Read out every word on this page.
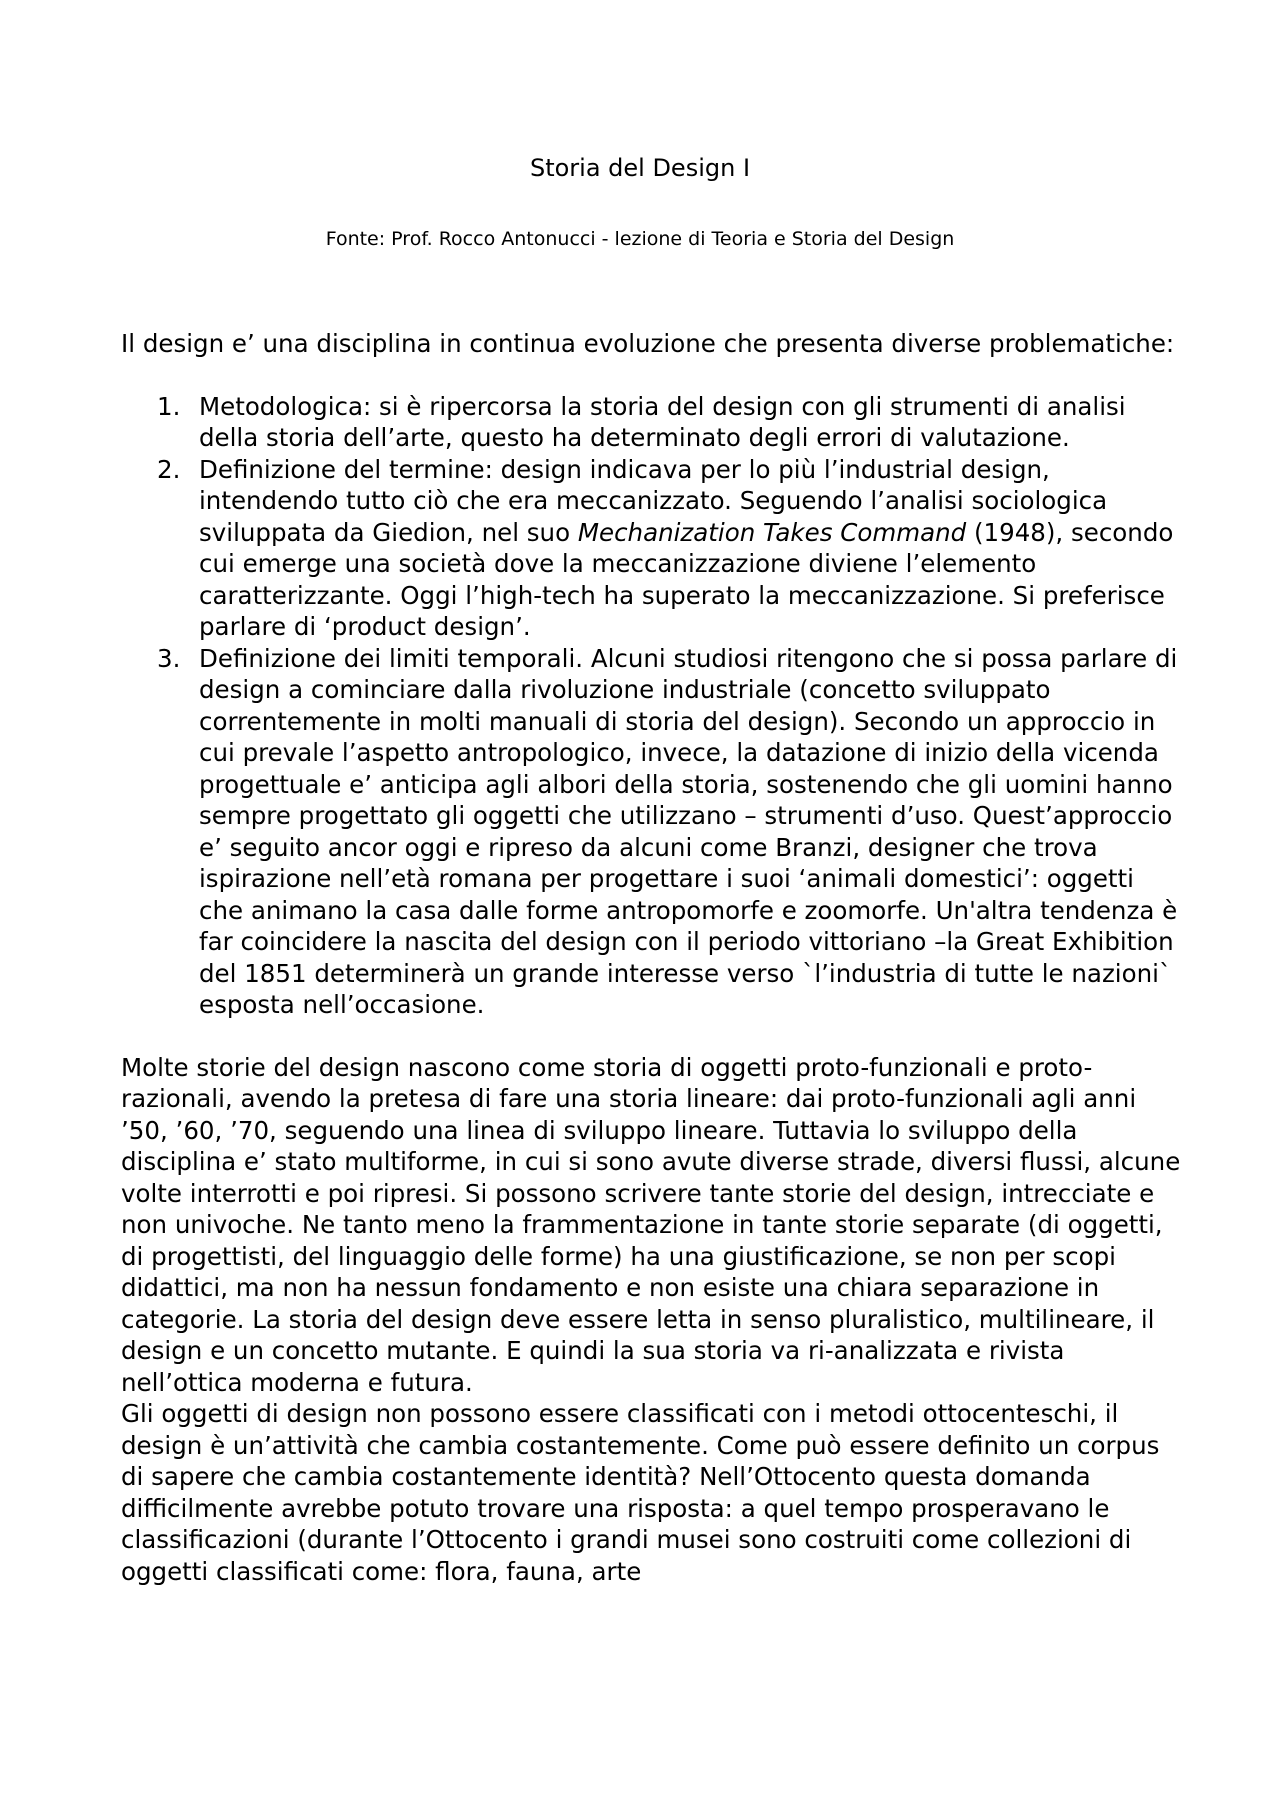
Storia del Design I
Fonte: Prof. Rocco Antonucci - lezione di Teoria e Storia del Design

Il design e’ una disciplina in continua evoluzione che presenta diverse problematiche:

1. Metodologica: si è ripercorsa la storia del design con gli strumenti di analisi della storia dell’arte, questo ha determinato degli errori di valutazione.
2. Definizione del termine: design indicava per lo più l’industrial design, intendendo tutto ciò che era meccanizzato. Seguendo l’analisi sociologica sviluppata da Giedion, nel suo Mechanization Takes Command (1948), secondo cui emerge una società dove la meccanizzazione diviene l’elemento caratterizzante. Oggi l’high-tech ha superato la meccanizzazione. Si preferisce parlare di ‘product design’.
3. Definizione dei limiti temporali. Alcuni studiosi ritengono che si possa parlare di design a cominciare dalla rivoluzione industriale (concetto sviluppato correntemente in molti manuali di storia del design). Secondo un approccio in cui prevale l’aspetto antropologico, invece, la datazione di inizio della vicenda progettuale e’ anticipa agli albori della storia, sostenendo che gli uomini hanno sempre progettato gli oggetti che utilizzano – strumenti d’uso. Quest’approccio e’ seguito ancor oggi e ripreso da alcuni come Branzi, designer che trova ispirazione nell’età romana per progettare i suoi ‘animali domestici’: oggetti che animano la casa dalle forme antropomorfe e zoomorfe. Un'altra tendenza è far coincidere la nascita del design con il periodo vittoriano –la Great Exhibition del 1851 determinerà un grande interesse verso `l’industria di tutte le nazioni` esposta nell’occasione.

Molte storie del design nascono come storia di oggetti proto-funzionali e proto-razionali, avendo la pretesa di fare una storia lineare: dai proto-funzionali agli anni ’50, ’60, ’70, seguendo una linea di sviluppo lineare. Tuttavia lo sviluppo della disciplina e’ stato multiforme, in cui si sono avute diverse strade, diversi flussi, alcune volte interrotti e poi ripresi. Si possono scrivere tante storie del design, intrecciate e non univoche. Ne tanto meno la frammentazione in tante storie separate (di oggetti, di progettisti, del linguaggio delle forme) ha una giustificazione, se non per scopi didattici, ma non ha nessun fondamento e non esiste una chiara separazione in categorie. La storia del design deve essere letta in senso pluralistico, multilineare, il design e un concetto mutante. E quindi la sua storia va ri-analizzata e rivista nell’ottica moderna e futura.

Gli oggetti di design non possono essere classificati con i metodi ottocenteschi, il design è un’attività che cambia costantemente. Come può essere definito un corpus di sapere che cambia costantemente identità? Nell’Ottocento questa domanda difficilmente avrebbe potuto trovare una risposta: a quel tempo prosperavano le classificazioni (durante l’Ottocento i grandi musei sono costruiti come collezioni di oggetti classificati come: flora, fauna, arte
